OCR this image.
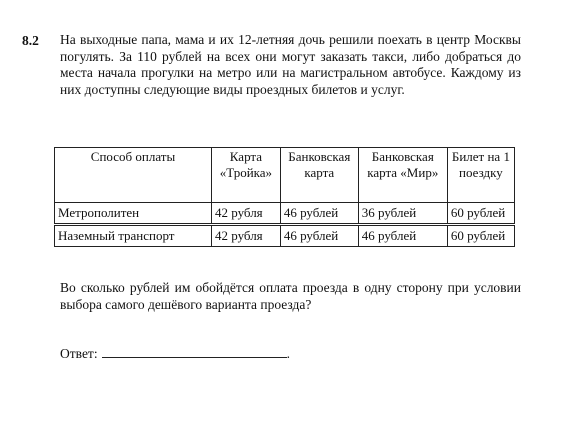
8.2 На выходные папа, мама и их 12-летняя дочь решили поехать в центр Москвы погулять. За 110 рублей на всех они могут заказать такси, либо добраться до места начала прогулки на метро или на магистральном автобусе. Каждому из них доступны следующие виды проездных билетов и услуг.

Способ оплаты	Карта «Тройка»	Банковская карта	Банковская карта «Мир»	Билет на 1 поездку
Метрополитен	42 рубля	46 рублей	36 рублей	60 рублей
Наземный транспорт	42 рубля	46 рублей	46 рублей	60 рублей

Во сколько рублей им обойдётся оплата проезда в одну сторону при условии выбора самого дешёвого варианта проезда?

Ответ:	.
